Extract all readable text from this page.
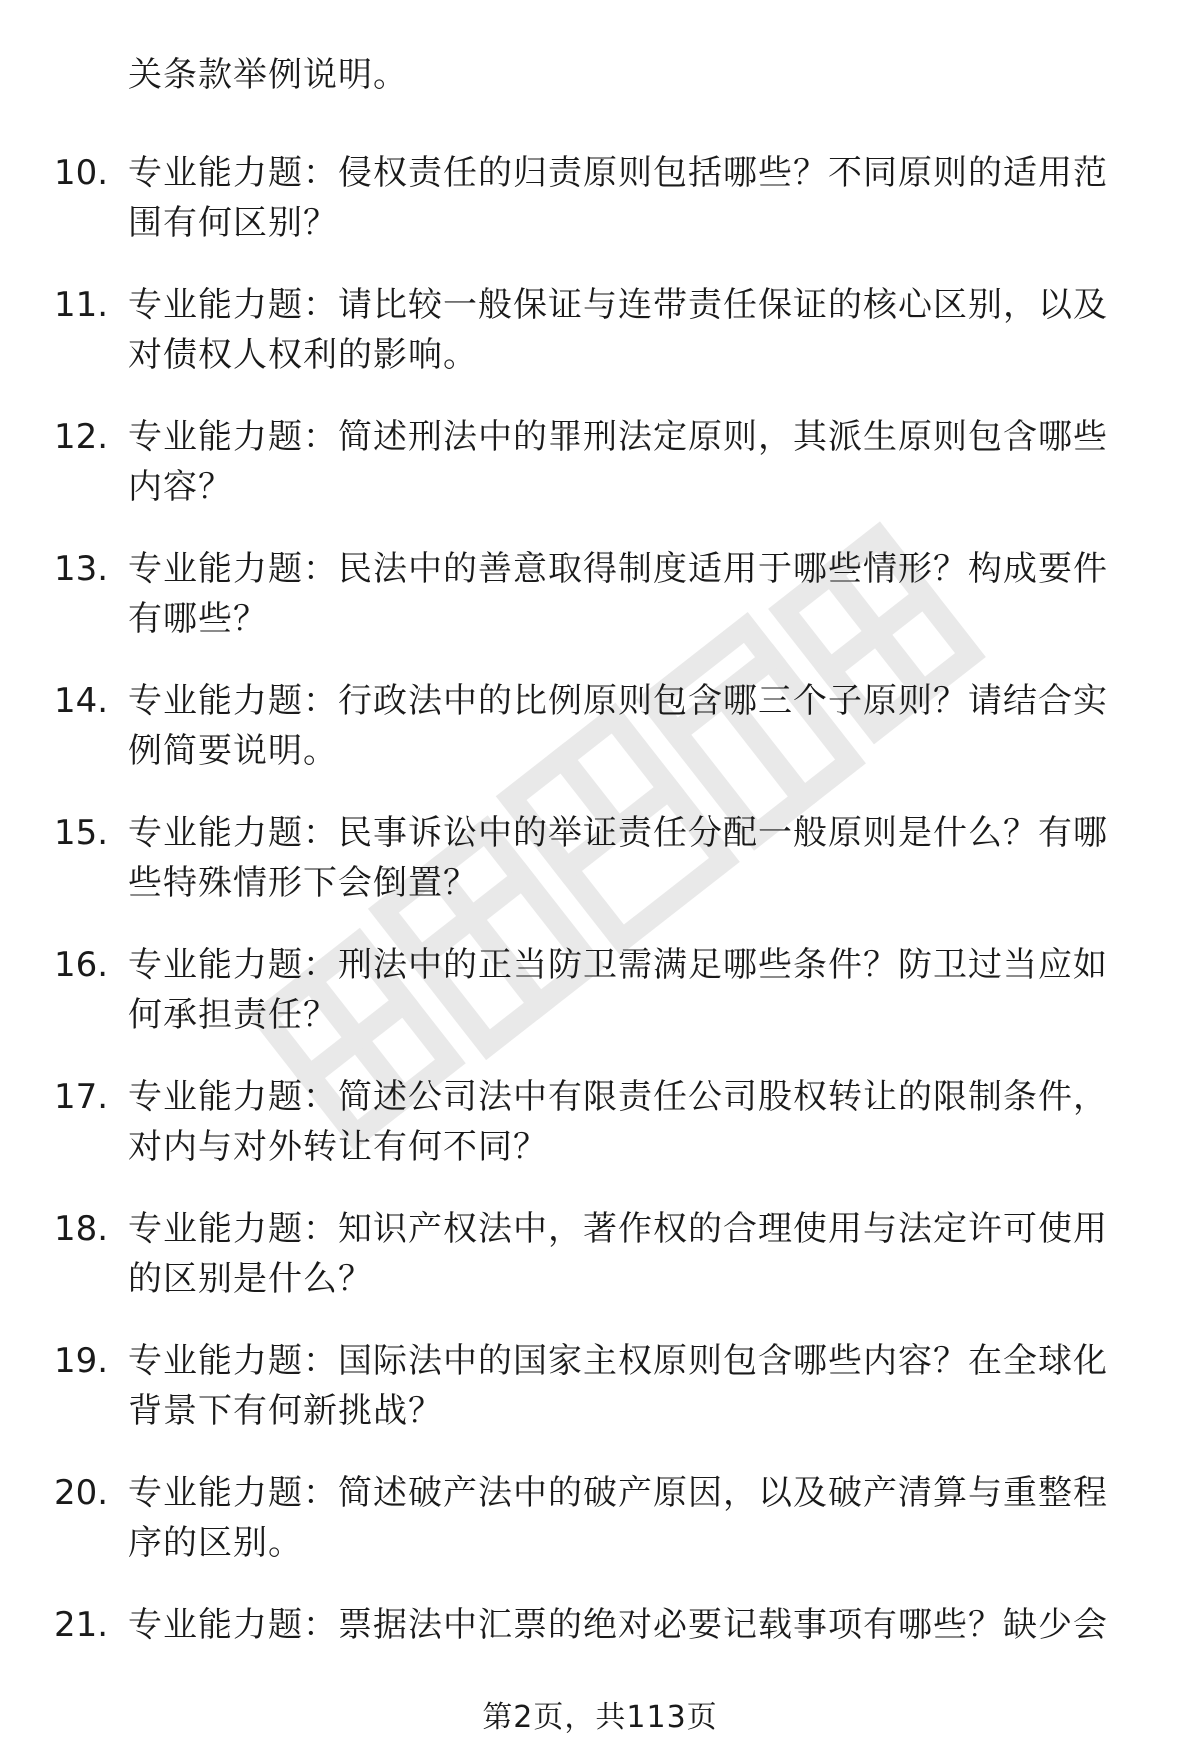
关条款举例说明。
10. 专业能力题：侵权责任的归责原则包括哪些？不同原则的适用范
围有何区别？
11. 专业能力题：请比较一般保证与连带责任保证的核心区别，以及
对债权人权利的影响。
12. 专业能力题：简述刑法中的罪刑法定原则，其派生原则包含哪些
内容？
13. 专业能力题：民法中的善意取得制度适用于哪些情形？构成要件
有哪些？
14. 专业能力题：行政法中的比例原则包含哪三个子原则？请结合实
例简要说明。
15. 专业能力题：民事诉讼中的举证责任分配一般原则是什么？有哪
些特殊情形下会倒置？
16. 专业能力题：刑法中的正当防卫需满足哪些条件？防卫过当应如
何承担责任？
17. 专业能力题：简述公司法中有限责任公司股权转让的限制条件，
对内与对外转让有何不同？
18. 专业能力题：知识产权法中，著作权的合理使用与法定许可使用
的区别是什么？
19. 专业能力题：国际法中的国家主权原则包含哪些内容？在全球化
背景下有何新挑战？
20. 专业能力题：简述破产法中的破产原因，以及破产清算与重整程
序的区别。
21. 专业能力题：票据法中汇票的绝对必要记载事项有哪些？缺少会
第2页，共113页
